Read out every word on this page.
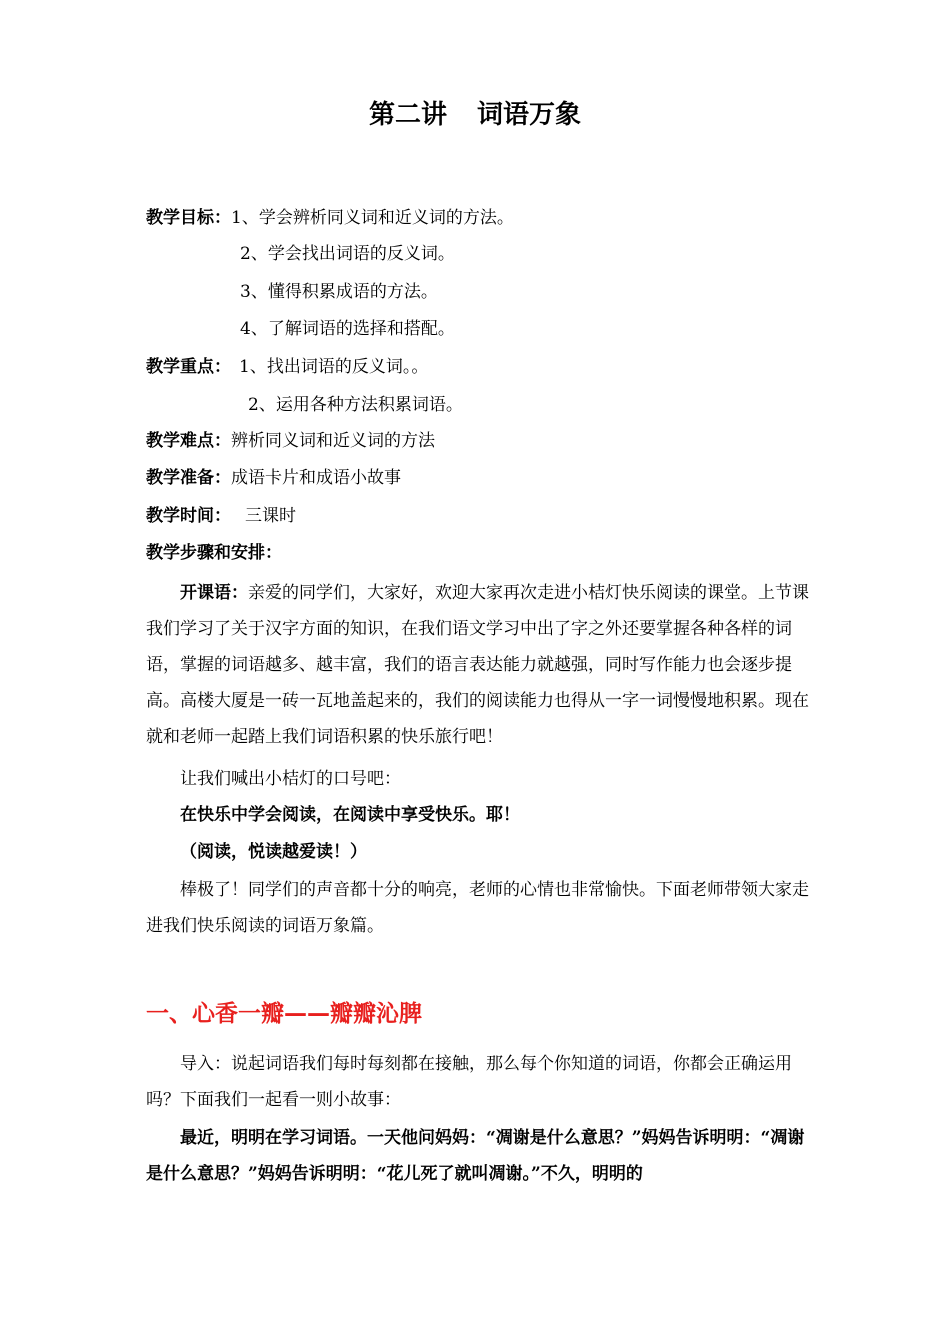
第二讲 词语万象
教学目标：1、学会辨析同义词和近义词的方法。
2、学会找出词语的反义词。
3、懂得积累成语的方法。
4、了解词语的选择和搭配。
教学重点： 1、找出词语的反义词。。
2、运用各种方法积累词语。
教学难点：辨析同义词和近义词的方法
教学准备：成语卡片和成语小故事
教学时间： 三课时
教学步骤和安排：
开课语：亲爱的同学们，大家好，欢迎大家再次走进小桔灯快乐阅读的课堂。上节课我们学习了关于汉字方面的知识，在我们语文学习中出了字之外还要掌握各种各样的词语，掌握的词语越多、越丰富，我们的语言表达能力就越强，同时写作能力也会逐步提高。高楼大厦是一砖一瓦地盖起来的，我们的阅读能力也得从一字一词慢慢地积累。现在就和老师一起踏上我们词语积累的快乐旅行吧！
让我们喊出小桔灯的口号吧：
在快乐中学会阅读，在阅读中享受快乐。耶！
（阅读，悦读越爱读！）
棒极了！同学们的声音都十分的响亮，老师的心情也非常愉快。下面老师带领大家走进我们快乐阅读的词语万象篇。
一、心香一瓣——瓣瓣沁脾
导入：说起词语我们每时每刻都在接触，那么每个你知道的词语，你都会正确运用吗？下面我们一起看一则小故事：
最近，明明在学习词语。一天他问妈妈：“凋谢是什么意思？”妈妈告诉明明：“凋谢是什么意思？”妈妈告诉明明：“花儿死了就叫凋谢。”不久，明明的
